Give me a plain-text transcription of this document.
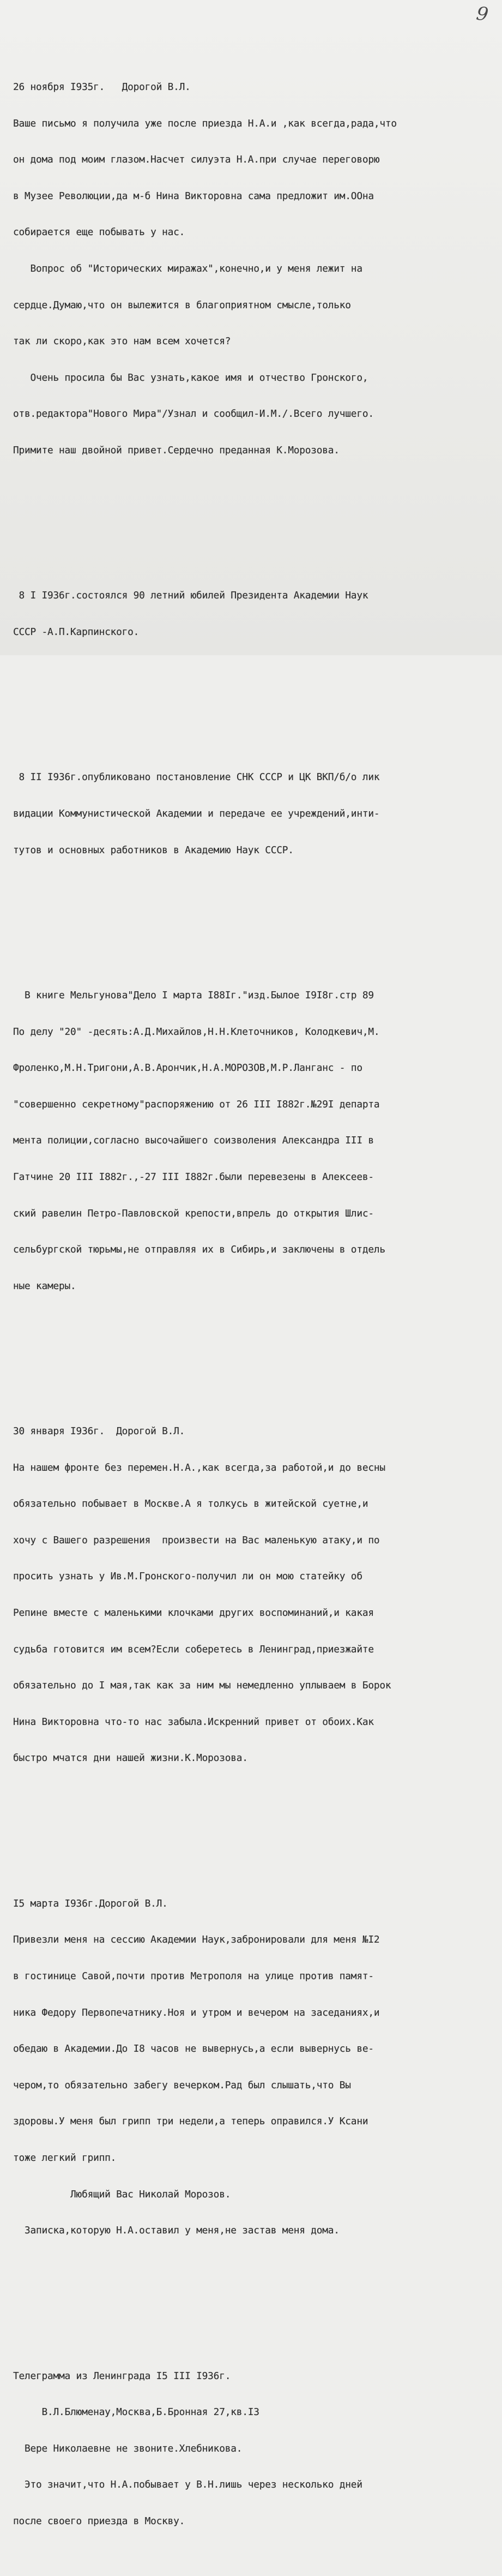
9

26 ноября I935г.   Дорогой В.Л.

Ваше письмо я получила уже после приезда Н.А.и ,как всегда,рада,что

он дома под моим глазом.Насчет силуэта Н.А.при случае переговорю

в Музее Революции,да м-б Нина Викторовна сама предложит им.ООна

собирается еще побывать у нас.

Вопрос об "Исторических миражах",конечно,и у меня лежит на

сердце.Думаю,что он вылежится в благоприятном смысле,только

так ли скоро,как это нам всем хочется?

Очень просила бы Вас узнать,какое имя и отчество Гронского,

отв.редактора"Нового Мира"/Узнал и сообщил-И.М./.Всего лучшего.

Примите наш двойной привет.Сердечно преданная К.Морозова.

8 I I936г.состоялся 90 летний юбилей Президента Академии Наук

СССР -А.П.Карпинского.

8 II I936г.опубликовано постановление СНК СССР и ЦК ВКП/б/о лик

видации Коммунистической Академии и передаче ее учреждений,инти-

тутов и основных работников в Академию Наук СССР.

В книге Мельгунова"Дело I марта I88Iг."изд.Былое I9I8г.стр 89

По делу "20" -десять:А.Д.Михайлов,Н.Н.Клеточников, Колодкевич,М.

Фроленко,М.Н.Тригони,А.В.Арончик,Н.А.МОРОЗОВ,М.Р.Ланганс - по

"совершенно секретному"распоряжению от 26 III I882г.№29I департа

мента полиции,согласно высочайшего соизволения Александра III в

Гатчине 20 III I882г.,-27 III I882г.были перевезены в Алексеев-

ский равелин Петро-Павловской крепости,впрель до открытия Шлис-

сельбургской тюрьмы,не отправляя их в Сибирь,и заключены в отдель

ные камеры.

30 января I936г.  Дорогой В.Л.

На нашем фронте без перемен.Н.А.,как всегда,за работой,и до весны

обязательно побывает в Москве.А я толкусь в житейской суетне,и

хочу с Вашего разрешения  произвести на Вас маленькую атаку,и по

просить узнать у Ив.М.Гронского-получил ли он мою статейку об

Репине вместе с маленькими клочками других воспоминаний,и какая

судьба готовится им всем?Если соберетесь в Ленинград,приезжайте

обязательно до I мая,так как за ним мы немедленно уплываем в Борок

Нина Викторовна что-то нас забыла.Искренний привет от обоих.Как

быстро мчатся дни нашей жизни.К.Морозова.

I5 марта I936г.Дорогой В.Л.

Привезли меня на сессию Академии Наук,забронировали для меня №I2

в гостинице Савой,почти против Метрополя на улице против памят-

ника Федору Первопечатнику.Ноя и утром и вечером на заседаниях,и

обедаю в Академии.До I8 часов не вывернусь,а если вывернусь ве-

чером,то обязательно забегу вечерком.Рад был слышать,что Вы

здоровы.У меня был грипп три недели,а теперь оправился.У Ксани

тоже легкий грипп.

Любящий Вас Николай Морозов.

Записка,которую Н.А.оставил у меня,не застав меня дома.

Телеграмма из Ленинграда I5 III I936г.

В.Л.Блюменау,Москва,Б.Бронная 27,кв.I3

Вере Николаевне не звоните.Хлебникова.

Это значит,что Н.А.побывает у В.Н.лишь через несколько дней

после своего приезда в Москву.
